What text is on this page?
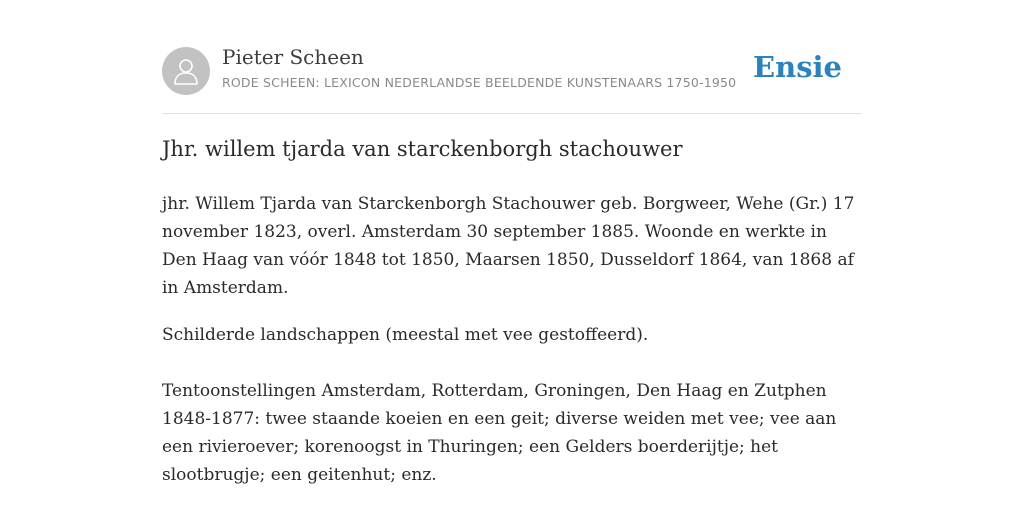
Pieter Scheen
RODE SCHEEN: LEXICON NEDERLANDSE BEELDENDE KUNSTENAARS 1750-1950 Ensie
Jhr. willem tjarda van starckenborgh stachouwer

jhr. Willem Tjarda van Starckenborgh Stachouwer geb. Borgweer, Wehe (Gr.) 17 november 1823, overl. Amsterdam 30 september 1885. Woonde en werkte in Den Haag van vóór 1848 tot 1850, Maarsen 1850, Dusseldorf 1864, van 1868 af in Amsterdam.

Schilderde landschappen (meestal met vee gestoffeerd).

Tentoonstellingen Amsterdam, Rotterdam, Groningen, Den Haag en Zutphen 1848-1877: twee staande koeien en een geit; diverse weiden met vee; vee aan een rivieroever; korenoogst in Thuringen; een Gelders boerderijtje; het slootbrugje; een geitenhut; enz.
